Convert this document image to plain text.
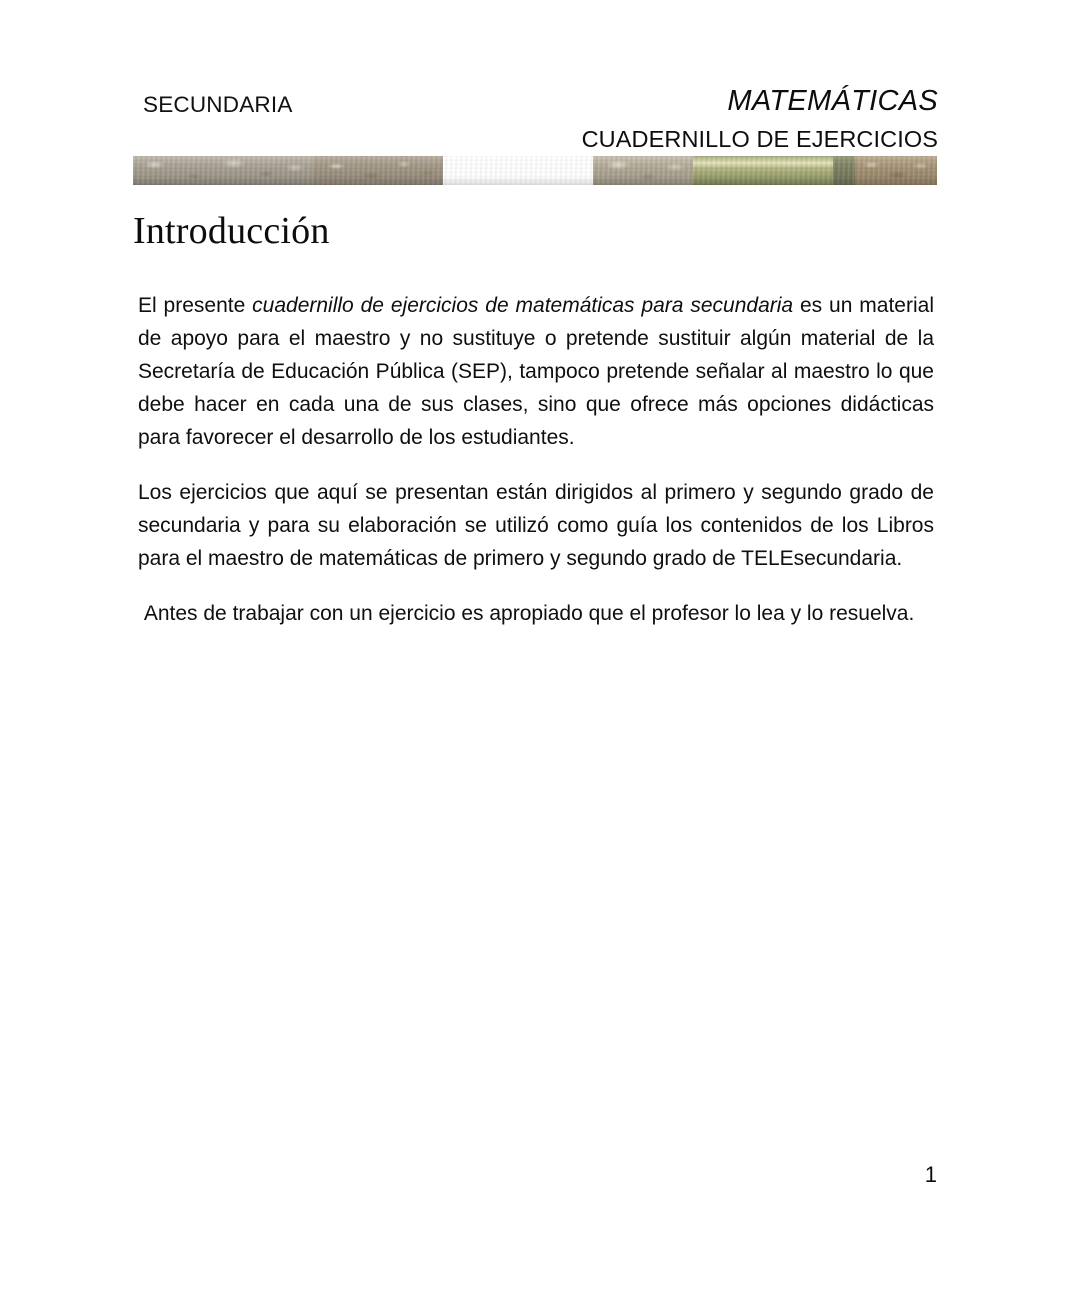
SECUNDARIA	MATEMÁTICAS
CUADERNILLO DE EJERCICIOS
Introducción

El presente cuadernillo de ejercicios de matemáticas para secundaria es un material de apoyo para el maestro y no sustituye o pretende sustituir algún material de la Secretaría de Educación Pública (SEP), tampoco pretende señalar al maestro lo que debe hacer en cada una de sus clases, sino que ofrece más opciones didácticas para favorecer el desarrollo de los estudiantes.

Los ejercicios que aquí se presentan están dirigidos al primero y segundo grado de secundaria y para su elaboración se utilizó como guía los contenidos de los Libros para el maestro de matemáticas de primero y segundo grado de TELEsecundaria.

Antes de trabajar con un ejercicio es apropiado que el profesor lo lea y lo resuelva.

1
